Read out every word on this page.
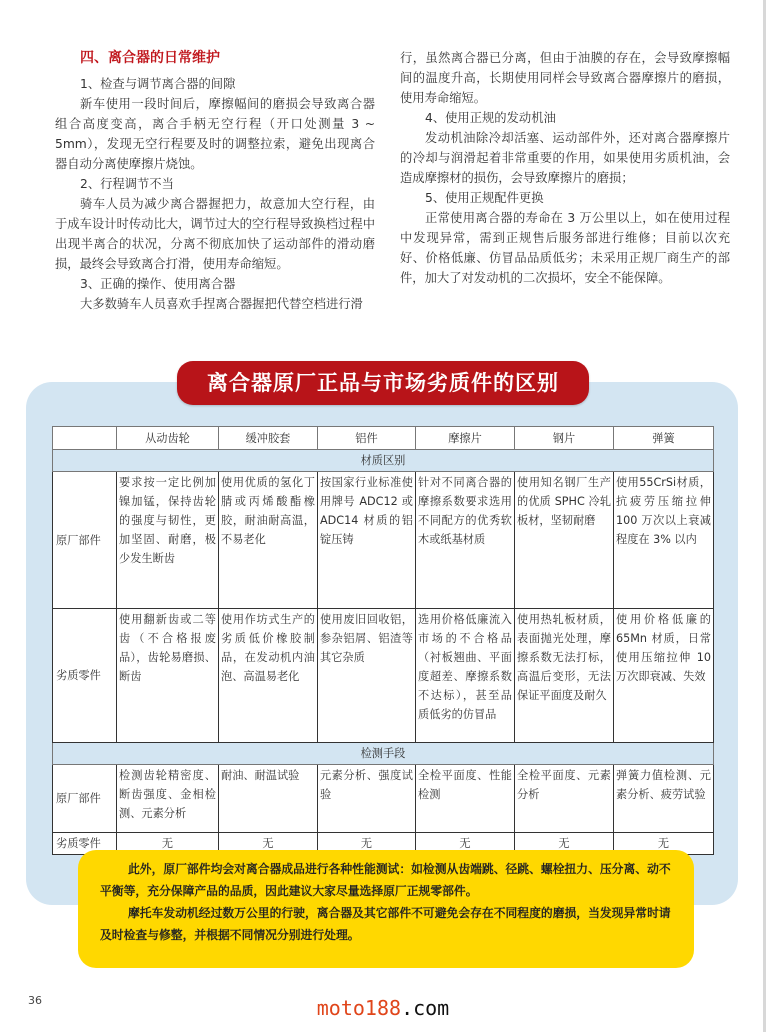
四、离合器的日常维护

1、检查与调节离合器的间隙

新车使用一段时间后，摩擦幅间的磨损会导致离合器组合高度变高，离合手柄无空行程（开口处测量 3 ~ 5mm），发现无空行程要及时的调整拉索，避免出现离合器自动分离使摩擦片烧蚀。

2、行程调节不当

骑车人员为减少离合器握把力，故意加大空行程，由于成车设计时传动比大，调节过大的空行程导致换档过程中出现半离合的状况，分离不彻底加快了运动部件的滑动磨损，最终会导致离合打滑，使用寿命缩短。

3、正确的操作、使用离合器

大多数骑车人员喜欢手捏离合器握把代替空档进行滑

行，虽然离合器已分离，但由于油膜的存在，会导致摩擦幅间的温度升高，长期使用同样会导致离合器摩擦片的磨损，使用寿命缩短。

4、使用正规的发动机油

发动机油除冷却活塞、运动部件外，还对离合器摩擦片的冷却与润滑起着非常重要的作用，如果使用劣质机油，会造成摩擦材的损伤，会导致摩擦片的磨损；

5、使用正规配件更换

正常使用离合器的寿命在 3 万公里以上，如在使用过程中发现异常，需到正规售后服务部进行维修；目前以次充好、价格低廉、仿冒品品质低劣；未采用正规厂商生产的部件，加大了对发动机的二次损坏，安全不能保障。

离合器原厂正品与市场劣质件的区别
	从动齿轮	缓冲胶套	铝件	摩擦片	钢片	弹簧
材质区别						
原厂部件	要求按一定比例加镍加锰，保持齿轮的强度与韧性，更加坚固、耐磨，极少发生断齿	使用优质的氢化丁腈或丙烯酸酯橡胶，耐油耐高温，不易老化	按国家行业标准使用牌号 ADC12 或 ADC14 材质的铝锭压铸	针对不同离合器的摩擦系数要求选用不同配方的优秀软木或纸基材质	使用知名钢厂生产的优质 SPHC 冷轧板材，坚韧耐磨	使用55CrSi材质，抗疲劳压缩拉伸 100 万次以上衰减程度在 3% 以内
劣质零件	使用翻新齿或二等齿（不合格报废品），齿轮易磨损、断齿	使用作坊式生产的劣质低价橡胶制品，在发动机内油泡、高温易老化	使用废旧回收铝，参杂铝屑、铝渣等其它杂质	选用价格低廉流入市场的不合格品（衬板翘曲、平面度超差、摩擦系数不达标），甚至品质低劣的仿冒品	使用热轧板材质，表面抛光处理，摩擦系数无法打标，高温后变形，无法保证平面度及耐久	使用价格低廉的65Mn 材质，日常使用压缩拉伸 10 万次即衰减、失效
检测手段						
原厂部件	检测齿轮精密度、断齿强度、金相检测、元素分析	耐油、耐温试验	元素分析、强度试验	全检平面度、性能检测	全检平面度、元素分析	弹簧力值检测、元素分析、疲劳试验
劣质零件	无	无	无	无	无	无

此外，原厂部件均会对离合器成品进行各种性能测试：如检测从齿端跳、径跳、螺栓扭力、压分离、动不平衡等，充分保障产品的品质，因此建议大家尽量选择原厂正规零部件。

摩托车发动机经过数万公里的行驶，离合器及其它部件不可避免会存在不同程度的磨损，当发现异常时请及时检查与修整，并根据不同情况分别进行处理。

36	moto188.com
